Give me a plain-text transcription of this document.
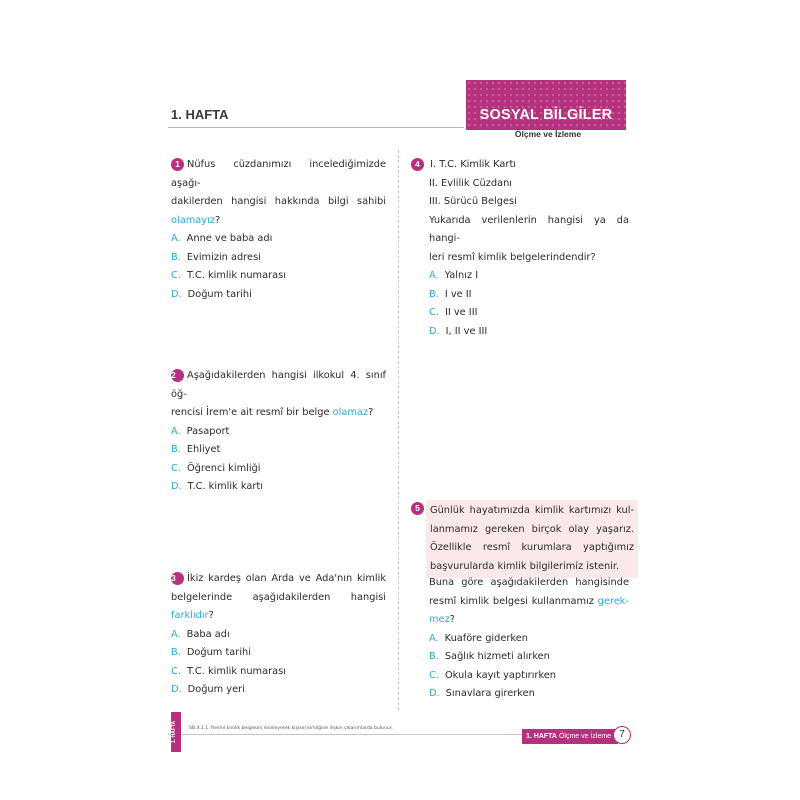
1. HAFTA	SOSYAL BİLGİLER
Ölçme ve İzleme

1 Nüfus cüzdanımızı incelediğimizde aşağı-

dakilerden hangisi hakkında bilgi sahibi

olamayız?

A. Anne ve baba adı

B. Evimizin adresi

C. T.C. kimlik numarası

D. Doğum tarihi

2 Aşağıdakilerden hangisi ilkokul 4. sınıf öğ-

rencisi İrem'e ait resmî bir belge olamaz?

A. Pasaport

B. Ehliyet

C. Öğrenci kimliği

D. T.C. kimlik kartı

3 İkiz kardeş olan Arda ve Ada'nın kimlik

belgelerinde aşağıdakilerden hangisi

farklıdır?

A. Baba adı

B. Doğum tarihi

C. T.C. kimlik numarası

D. Doğum yeri

4 I. T.C. Kimlik Kartı

II. Evlilik Cüzdanı

III. Sürücü Belgesi

Yukarıda verilenlerin hangisi ya da hangi-

leri resmî kimlik belgelerindendir?

A. Yalnız I

B. I ve II

C. II ve III

D. I, II ve III

5	Günlük hayatımızda kimlik kartımızı kul-
lanmamız gereken birçok olay yaşarız.
Özellikle resmî kurumlara yaptığımız
başvurularda kimlik bilgilerimiz istenir.

Buna göre aşağıdakilerden hangisinde

resmî kimlik belgesi kullanmamız gerek-

mez?

A. Kuaföre giderken

B. Sağlık hizmeti alırken

C. Okula kayıt yaptırırken

D. Sınavlara girerken

1. HAFTA	SB.4.1.1. Resmî kimlik belgesini inceleyerek kişisel kimliğine ilişkin çıkarımlarda bulunur.
1. HAFTA Ölçme ve İzleme 7
